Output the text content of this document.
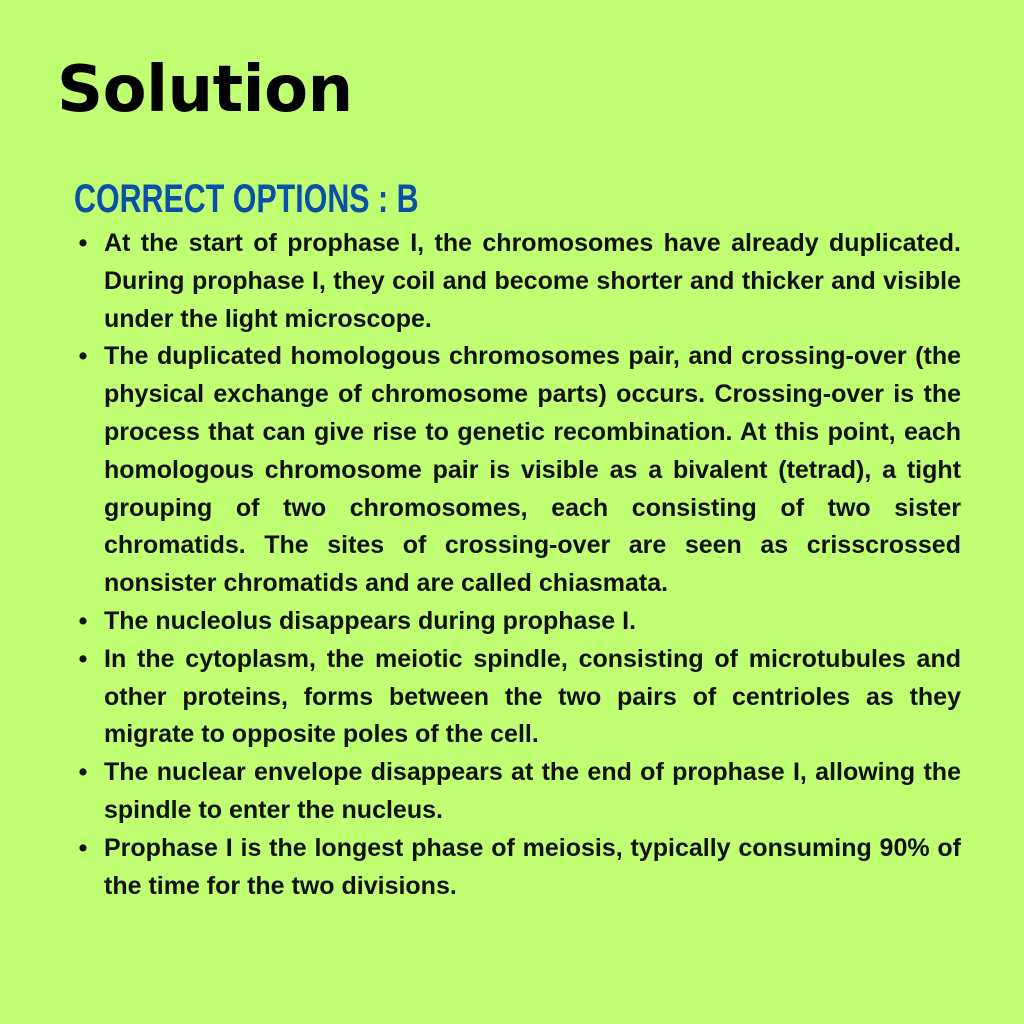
Solution
CORRECT OPTIONS : B
• At the start of prophase I, the chromosomes have already duplicated. During prophase I, they coil and become shorter and thicker and visible under the light microscope.
• The duplicated homologous chromosomes pair, and crossing-over (the physical exchange of chromosome parts) occurs. Crossing-over is the process that can give rise to genetic recombination. At this point, each homologous chromosome pair is visible as a bivalent (tetrad), a tight grouping of two chromosomes, each consisting of two sister chromatids. The sites of crossing-over are seen as crisscrossed nonsister chromatids and are called chiasmata.
• The nucleolus disappears during prophase I.
• In the cytoplasm, the meiotic spindle, consisting of microtubules and other proteins, forms between the two pairs of centrioles as they migrate to opposite poles of the cell.
• The nuclear envelope disappears at the end of prophase I, allowing the spindle to enter the nucleus.
• Prophase I is the longest phase of meiosis, typically consuming 90% of the time for the two divisions.
